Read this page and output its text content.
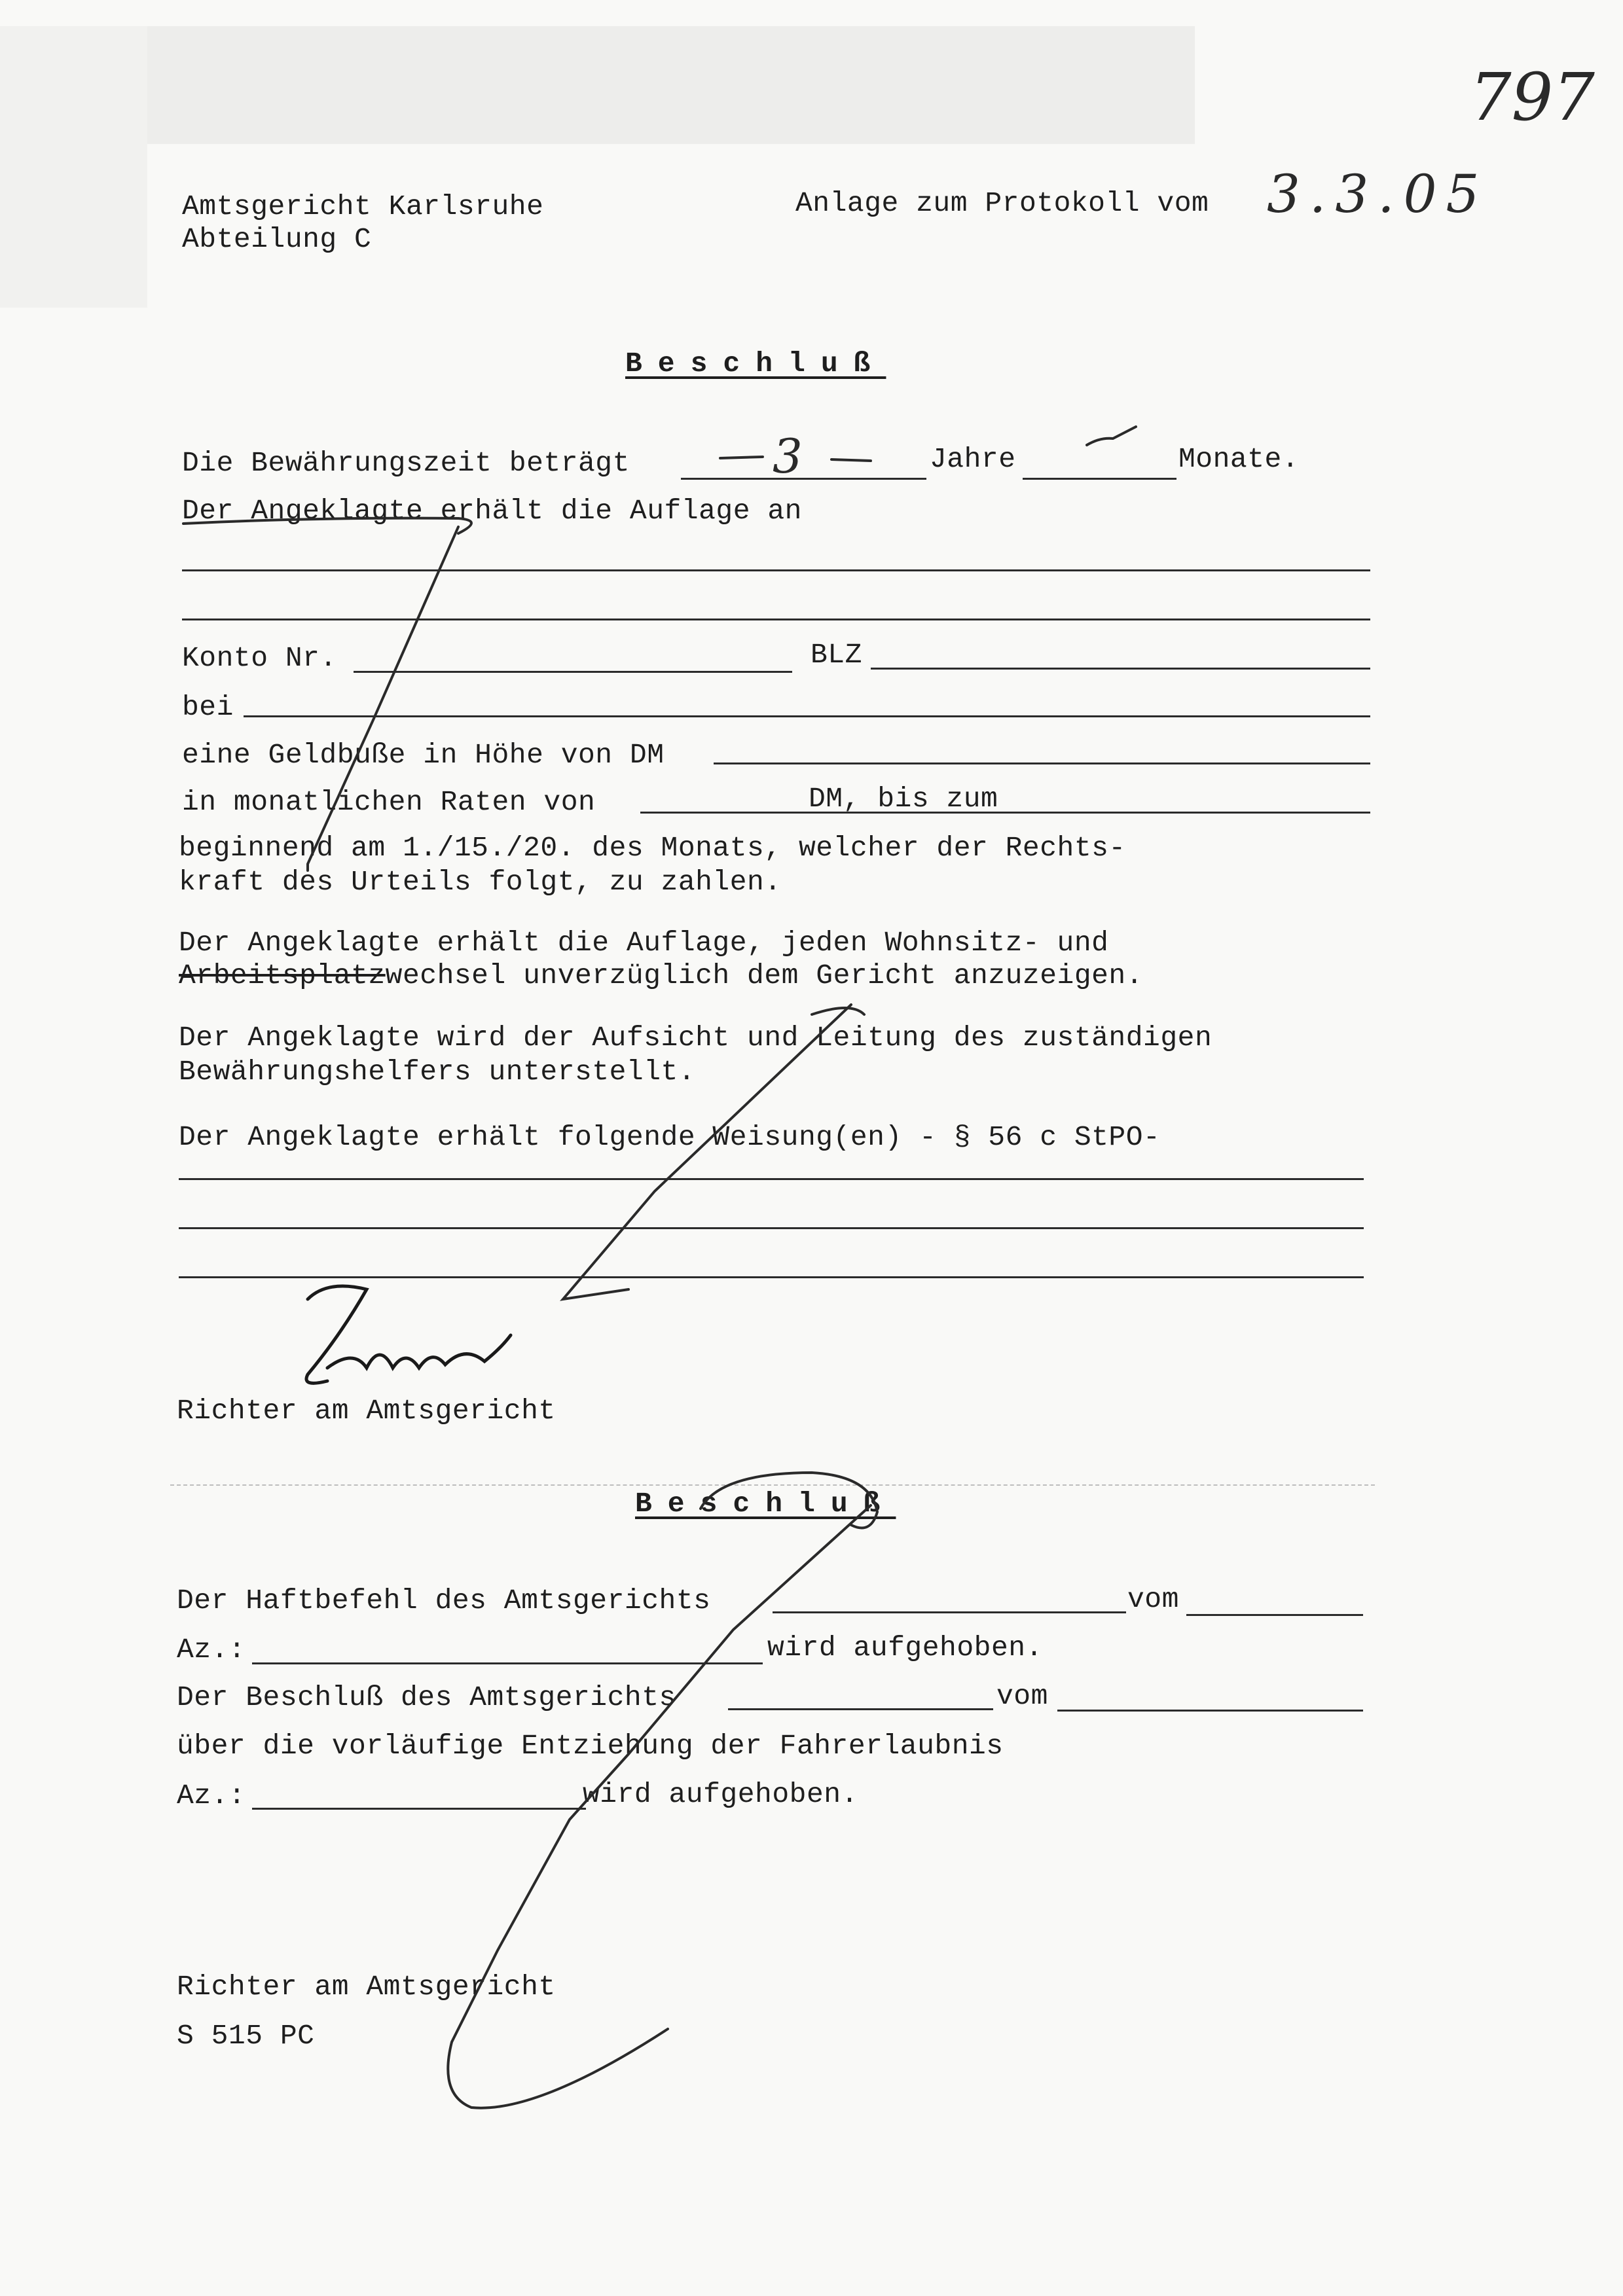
797
Amtsgericht Karlsruhe
Abteilung C
Anlage zum Protokoll vom 3.3.05
Beschluß
Die Bewährungszeit beträgt	3	Jahre	Monate.
Der Angeklagte erhält die Auflage an
Konto Nr.	BLZ
bei
eine Geldbuße in Höhe von DM
in monatlichen Raten von	DM, bis zum
beginnend am 1./15./20. des Monats, welcher der Rechts-
kraft des Urteils folgt, zu zahlen.
Der Angeklagte erhält die Auflage, jeden Wohnsitz- und
Arbeitsplatzwechsel unverzüglich dem Gericht anzuzeigen.
Der Angeklagte wird der Aufsicht und Leitung des zuständigen
Bewährungshelfers unterstellt.
Der Angeklagte erhält folgende Weisung(en) - § 56 c StPO-
Richter am Amtsgericht
Beschluß
Der Haftbefehl des Amtsgerichts	vom
Az.:	wird aufgehoben.
Der Beschluß des Amtsgerichts	vom
über die vorläufige Entziehung der Fahrerlaubnis
Az.:	wird aufgehoben.
Richter am Amtsgericht
S 515 PC
